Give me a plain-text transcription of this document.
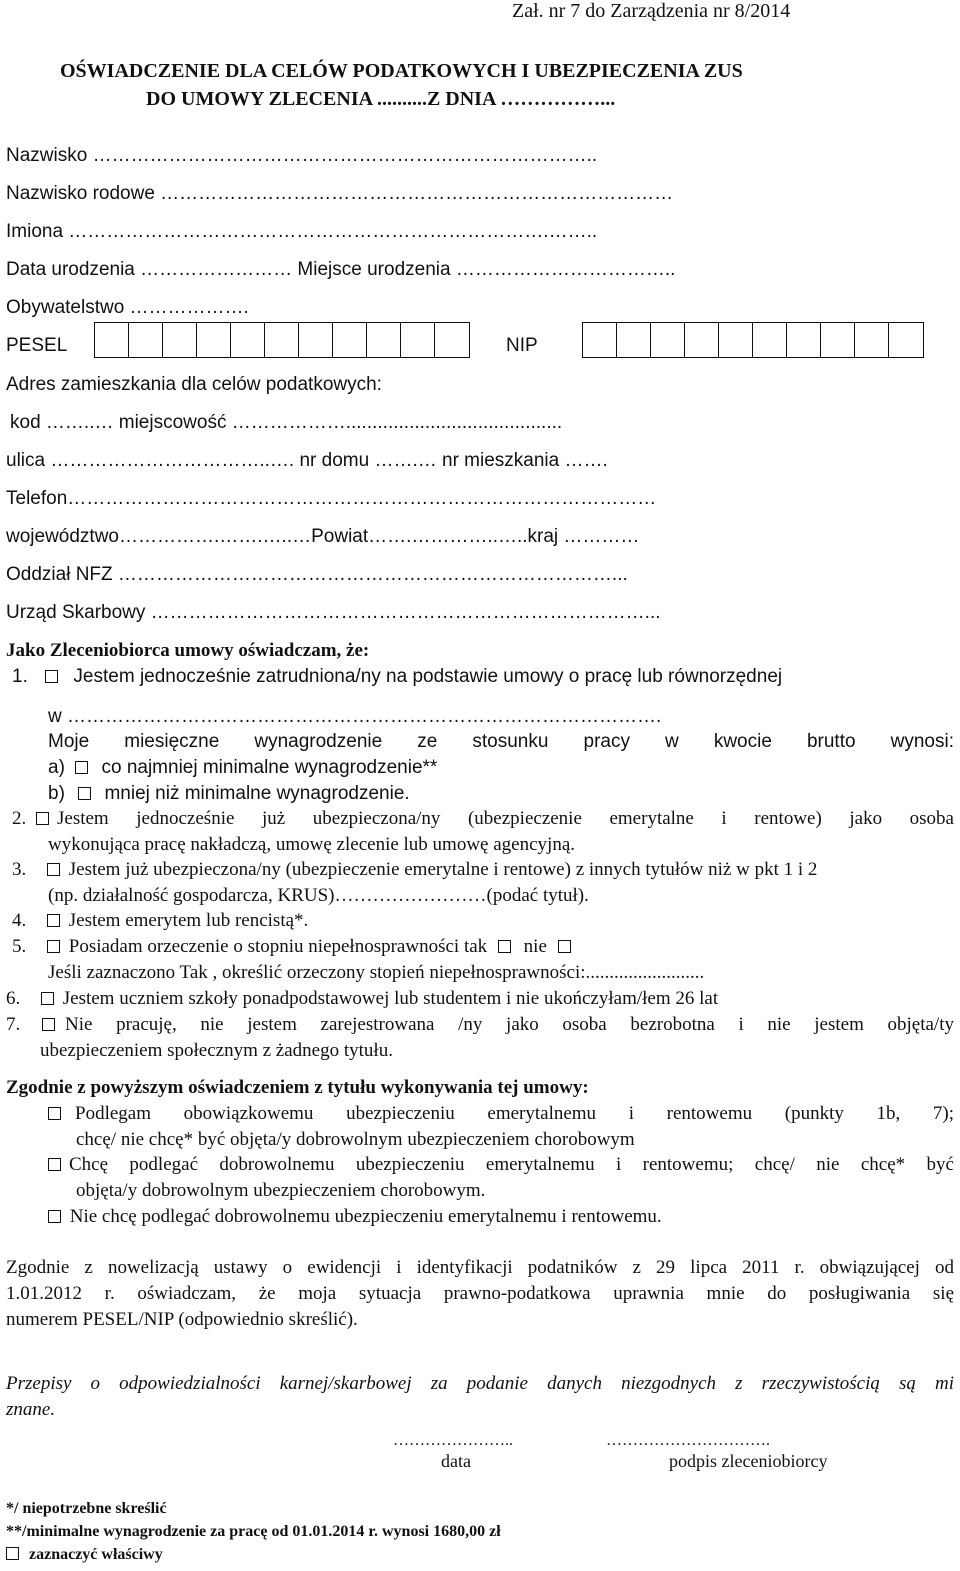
Zał. nr 7 do Zarządzenia nr 8/2014
OŚWIADCZENIE DLA CELÓW PODATKOWYCH I UBEZPIECZENIA ZUS
DO UMOWY ZLECENIA ..........Z DNIA ……………...
Nazwisko ……………………………………………………………………..
Nazwisko rodowe ………………………………………………………………………
Imiona ………………………………………………………………….……..
Data urodzenia …………………… Miejsce urodzenia ……………………………..
Obywatelstwo ……………….
PESEL	NIP
Adres zamieszkania dla celów podatkowych:
kod ……..… miejscowość ……………….........................................
ulica ……………………………..…. nr domu …….… nr mieszkania …….
Telefon…………………………………………………………………………………
województwo…………….…….…..…Powiat…….…………..…..kraj …………
Oddział NFZ ……………………………………………………………………...
Urząd Skarbowy ……………………………………………………………………...
Jako Zleceniobiorca umowy oświadczam, że:
1. Jestem jednocześnie zatrudniona/ny na podstawie umowy o pracę lub równorzędnej
w ………………………………………………………………………………….
Moje miesięczne wynagrodzenie ze stosunku pracy w kwocie brutto wynosi:
a) co najmniej minimalne wynagrodzenie**
b) mniej niż minimalne wynagrodzenie.
2.	Jestem jednocześnie już ubezpieczona/ny (ubezpieczenie emerytalne i rentowe) jako osoba
wykonująca pracę nakładczą, umowę zlecenie lub umowę agencyjną.
3. Jestem już ubezpieczona/ny (ubezpieczenie emerytalne i rentowe) z innych tytułów niż w pkt 1 i 2
(np. działalność gospodarcza, KRUS)……………………(podać tytuł).
4. Jestem emerytem lub rencistą*.
5. Posiadam orzeczenie o stopniu niepełnosprawności tak nie
Jeśli zaznaczono Tak , określić orzeczony stopień niepełnosprawności:.........................
6. Jestem uczniem szkoły ponadpodstawowej lub studentem i nie ukończyłam/łem 26 lat
7.	Nie pracuję, nie jestem zarejestrowana /ny jako osoba bezrobotna i nie jestem objęta/ty
ubezpieczeniem społecznym z żadnego tytułu.
Zgodnie z powyższym oświadczeniem z tytułu wykonywania tej umowy:
Podlegam obowiązkowemu ubezpieczeniu emerytalnemu i rentowemu (punkty 1b, 7);
chcę/ nie chcę* być objęta/y dobrowolnym ubezpieczeniem chorobowym
Chcę podlegać dobrowolnemu ubezpieczeniu emerytalnemu i rentowemu; chcę/ nie chcę* być
objęta/y dobrowolnym ubezpieczeniem chorobowym.
Nie chcę podlegać dobrowolnemu ubezpieczeniu emerytalnemu i rentowemu.
Zgodnie z nowelizacją ustawy o ewidencji i identyfikacji podatników z 29 lipca 2011 r. obwiązującej od
1.01.2012 r. oświadczam, że moja sytuacja prawno-podatkowa uprawnia mnie do posługiwania się
numerem PESEL/NIP (odpowiednio skreślić).
Przepisy o odpowiedzialności karnej/skarbowej za podanie danych niezgodnych z rzeczywistością są mi
znane.
…………………..
data
………………………….
podpis zleceniobiorcy
*/ niepotrzebne skreślić
**/minimalne wynagrodzenie za pracę od 01.01.2014 r. wynosi 1680,00 zł
zaznaczyć właściwy
